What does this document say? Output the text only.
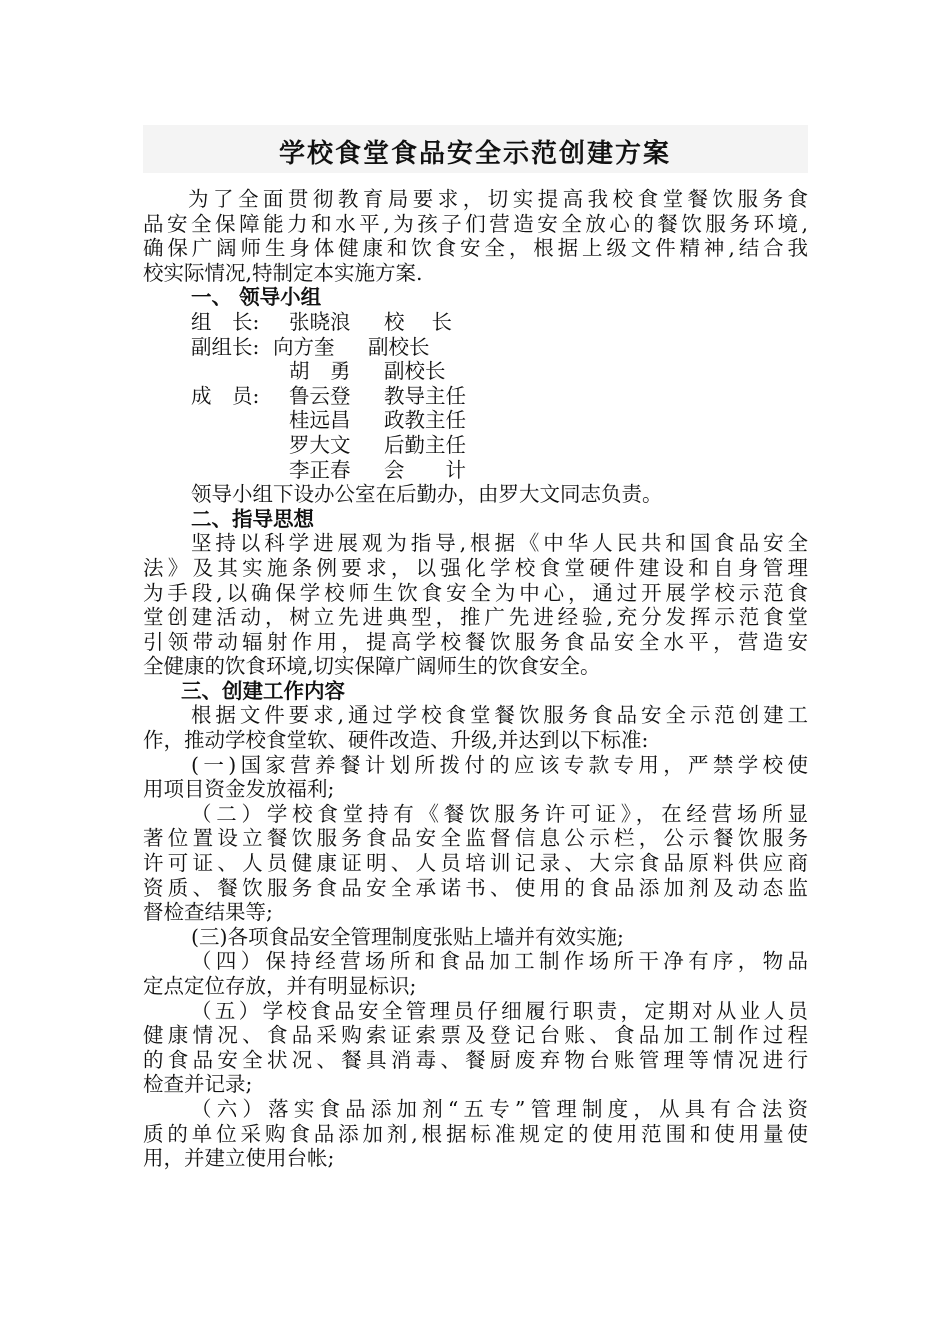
学校食堂食品安全示范创建方案
为了全面贯彻教育局要求，切实提高我校食堂餐饮服务食
品安全保障能力和水平,为孩子们营造安全放心的餐饮服务环境,
确保广阔师生身体健康和饮食安全，根据上级文件精神,结合我
校实际情况,特制定本实施方案.
一、 领导小组
组　长: 张晓浪 校　 长
副组长: 向方奎 副校长
胡　勇 副校长
成　员: 鲁云登 教导主任
桂远昌 政教主任
罗大文 后勤主任
李正春 会　　计
领导小组下设办公室在后勤办，由罗大文同志负责。
二、指导思想
坚持以科学进展观为指导,根据《中华人民共和国食品安全
法》及其实施条例要求，以强化学校食堂硬件建设和自身管理
为手段,以确保学校师生饮食安全为中心，通过开展学校示范食
堂创建活动，树立先进典型，推广先进经验,充分发挥示范食堂
引领带动辐射作用，提高学校餐饮服务食品安全水平，营造安
全健康的饮食环境,切实保障广阔师生的饮食安全。
三、创建工作内容
根据文件要求,通过学校食堂餐饮服务食品安全示范创建工
作，推动学校食堂软、硬件改造、升级,并达到以下标准:
(一)国家营养餐计划所拨付的应该专款专用，严禁学校使
用项目资金发放福利;
（二）学校食堂持有《餐饮服务许可证》，在经营场所显
著位置设立餐饮服务食品安全监督信息公示栏，公示餐饮服务
许可证、人员健康证明、人员培训记录、大宗食品原料供应商
资质、餐饮服务食品安全承诺书、使用的食品添加剂及动态监
督检查结果等;
(三)各项食品安全管理制度张贴上墙并有效实施;
（四）保持经营场所和食品加工制作场所干净有序，物品
定点定位存放，并有明显标识;
（五）学校食品安全管理员仔细履行职责，定期对从业人员
健康情况、食品采购索证索票及登记台账、食品加工制作过程
的食品安全状况、餐具消毒、餐厨废弃物台账管理等情况进行
检查并记录;
（六）落实食品添加剂“五专”管理制度，从具有合法资
质的单位采购食品添加剂,根据标准规定的使用范围和使用量使
用，并建立使用台帐;
